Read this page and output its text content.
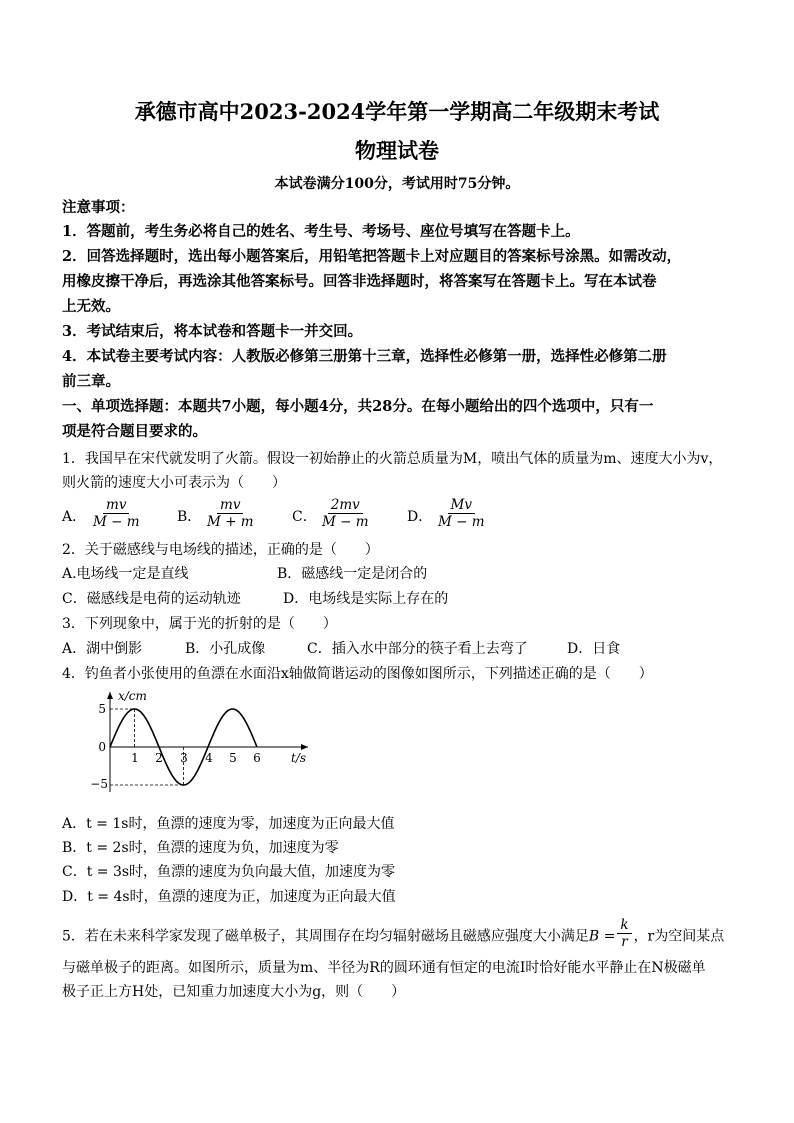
承德市高中2023-2024学年第一学期高二年级期末考试
物理试卷
本试卷满分100分，考试用时75分钟。
注意事项：
1．答题前，考生务必将自己的姓名、考生号、考场号、座位号填写在答题卡上。
2．回答选择题时，选出每小题答案后，用铅笔把答题卡上对应题目的答案标号涂黑。如需改动，
用橡皮擦干净后，再选涂其他答案标号。回答非选择题时，将答案写在答题卡上。写在本试卷
上无效。
3．考试结束后，将本试卷和答题卡一并交回。
4．本试卷主要考试内容：人教版必修第三册第十三章，选择性必修第一册，选择性必修第二册
前三章。
一、单项选择题：本题共7小题，每小题4分，共28分。在每小题给出的四个选项中，只有一
项是符合题目要求的。
1．我国早在宋代就发明了火箭。假设一初始静止的火箭总质量为M，喷出气体的质量为m、速度大小为v，
则火箭的速度大小可表示为（　　）
A． $\frac{mv}{M - m}$ B． $\frac{mv}{M + m}$	C． $\frac{2mv}{M - m}$	D． $\frac{Mv}{M - m}$
2．关于磁感线与电场线的描述，正确的是（　　）
A.电场线一定是直线	B．磁感线一定是闭合的
C．磁感线是电荷的运动轨迹	D．电场线是实际上存在的
3．下列现象中，属于光的折射的是（　　）
A．湖中倒影	B．小孔成像	C．插入水中部分的筷子看上去弯了	D．日食
4．钓鱼者小张使用的鱼漂在水面沿x轴做简谐运动的图像如图所示，下列描述正确的是（　　）
x/cm
t/s
5
0
−5
1 2 3 4 5 6
A．t = 1s时，鱼漂的速度为零，加速度为正向最大值
B．t = 2s时，鱼漂的速度为负，加速度为零
C．t = 3s时，鱼漂的速度为负向最大值，加速度为零
D．t = 4s时，鱼漂的速度为正，加速度为正向最大值
5．若在未来科学家发现了磁单极子，其周围存在均匀辐射磁场且磁感应强度大小满足$B = \frac{k}{r}$ ，r为空间某点
与磁单极子的距离。如图所示，质量为m、半径为R的圆环通有恒定的电流I时恰好能水平静止在N极磁单
极子正上方H处，已知重力加速度大小为g，则（　　）
